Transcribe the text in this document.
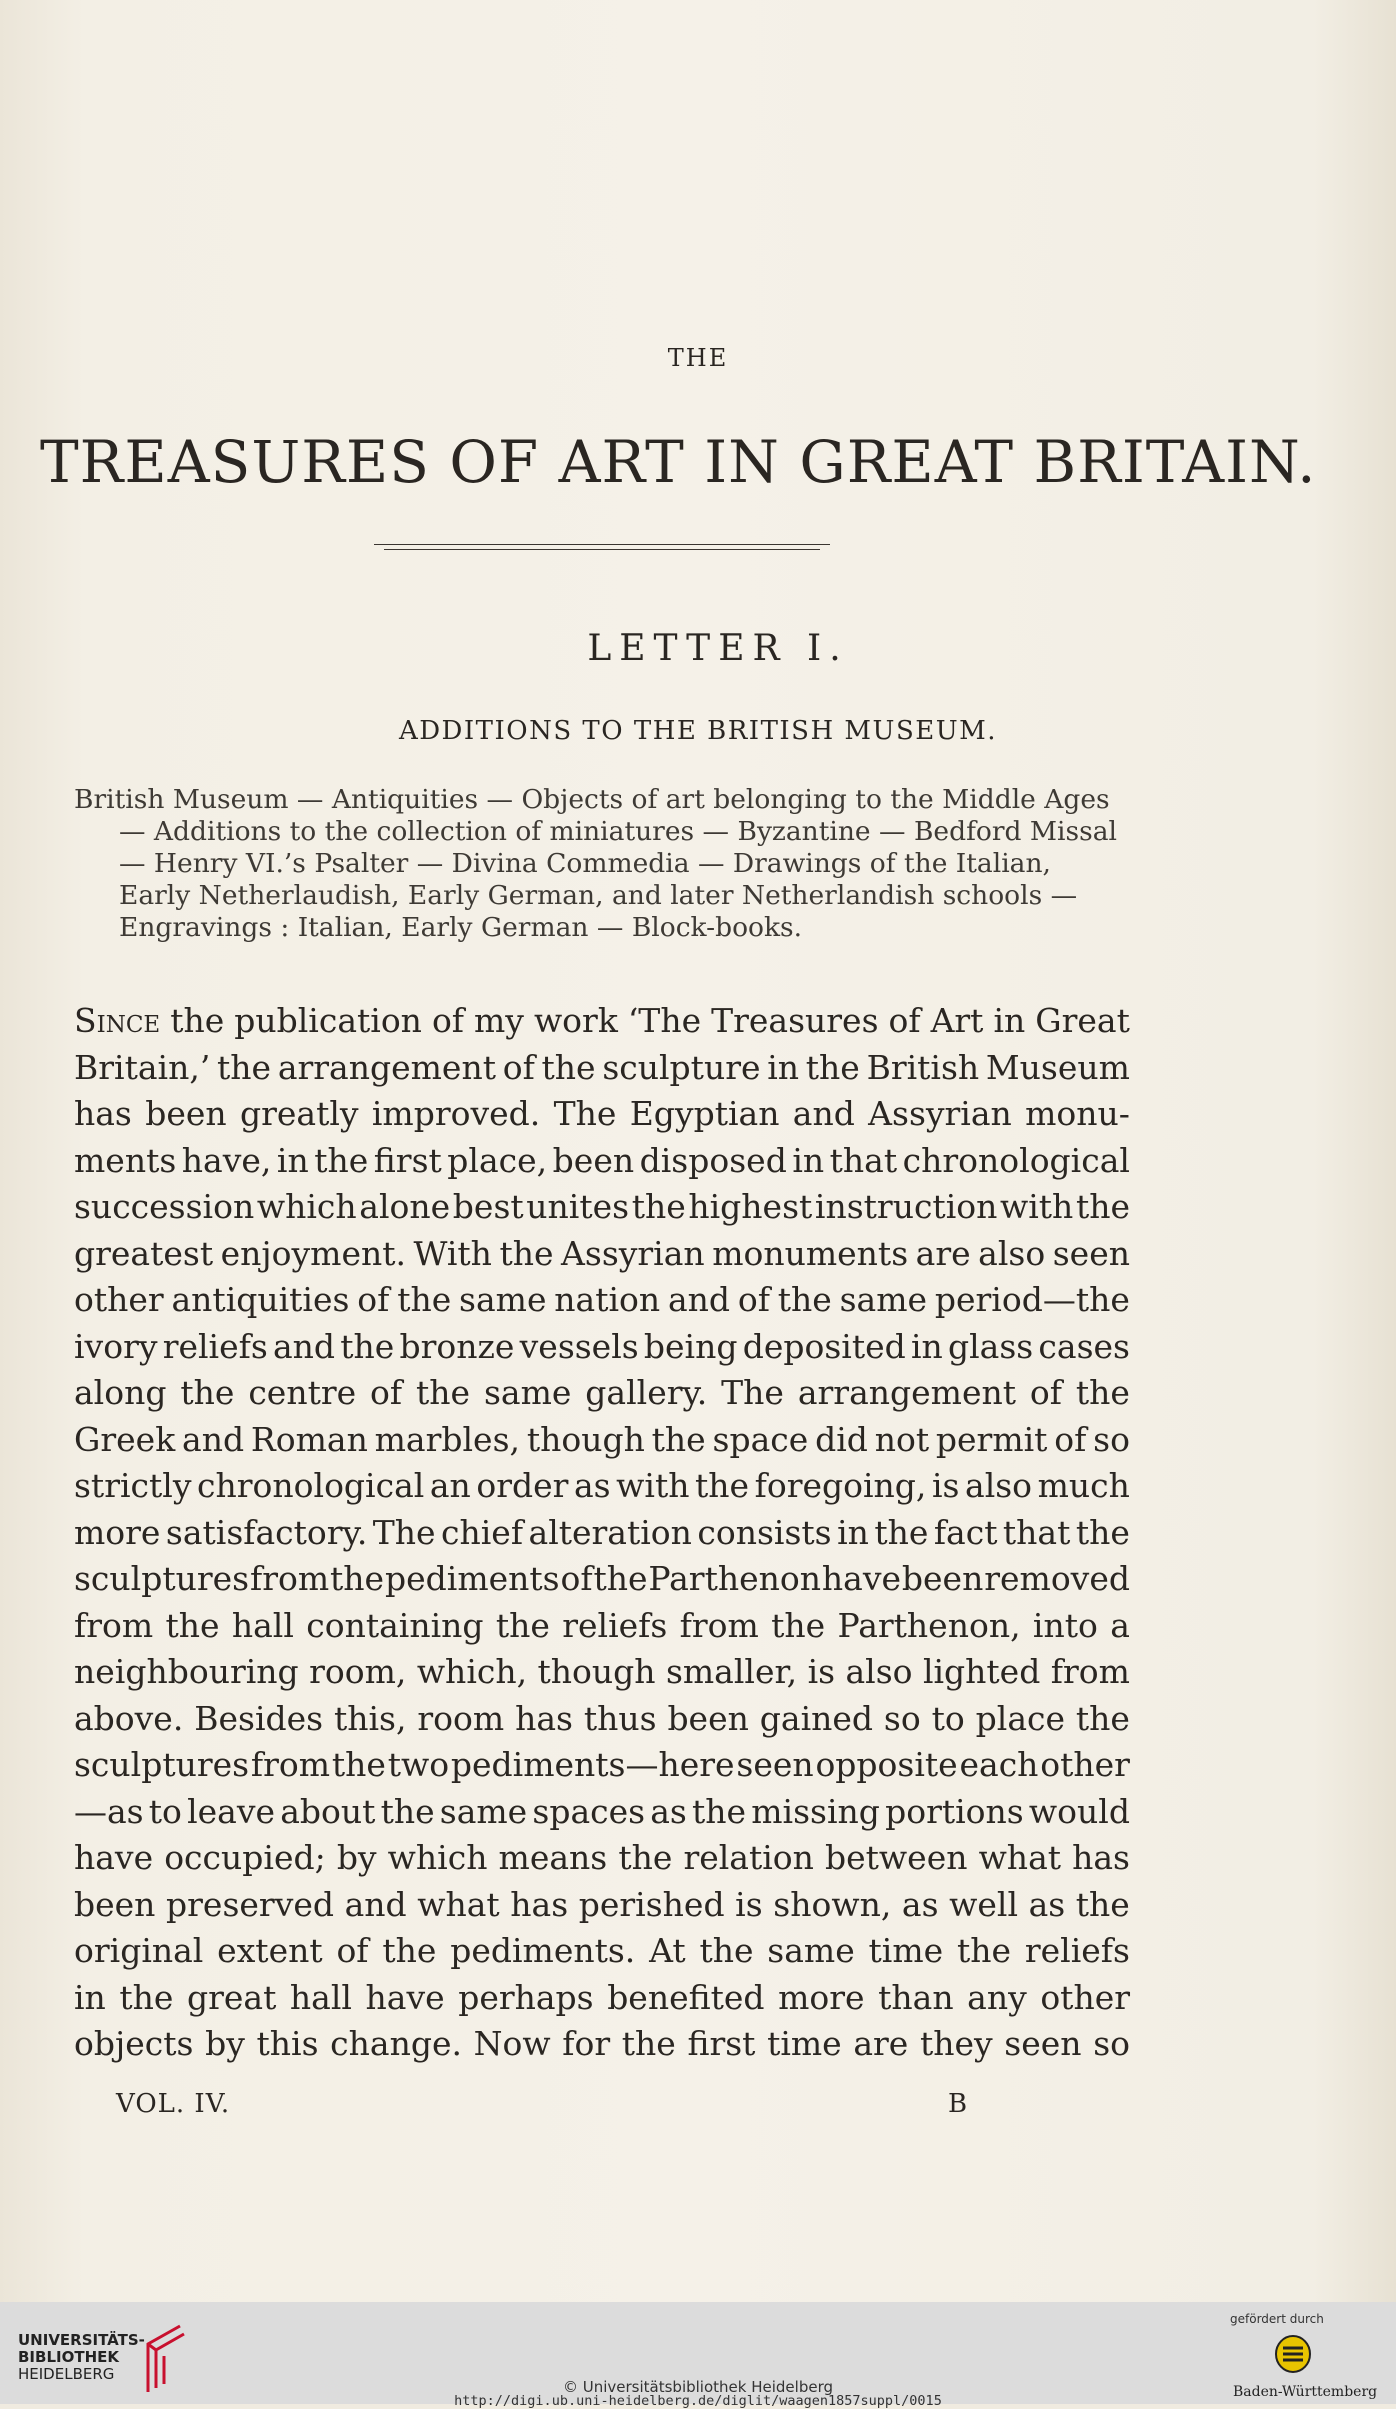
THE
TREASURES OF ART IN GREAT BRITAIN.
LETTER I.
ADDITIONS TO THE BRITISH MUSEUM.
British Museum — Antiquities — Objects of art belonging to the Middle Ages
— Additions to the collection of miniatures — Byzantine — Bedford Missal
— Henry VI.’s Psalter — Divina Commedia — Drawings of the Italian,
Early Netherlaudish, Early German, and later Netherlandish schools —
Engravings : Italian, Early German — Block-books.
Since the publication of my work ‘The Treasures of Art in Great
Britain,’ the arrangement of the sculpture in the British Museum
has been greatly improved. The Egyptian and Assyrian monu-
ments have, in the first place, been disposed in that chronological
succession which alone best unites the highest instruction with the
greatest enjoyment. With the Assyrian monuments are also seen
other antiquities of the same nation and of the same period—the
ivory reliefs and the bronze vessels being deposited in glass cases
along the centre of the same gallery. The arrangement of the
Greek and Roman marbles, though the space did not permit of so
strictly chronological an order as with the foregoing, is also much
more satisfactory. The chief alteration consists in the fact that the
sculptures from the pediments of the Parthenon have been removed
from the hall containing the reliefs from the Parthenon, into a
neighbouring room, which, though smaller, is also lighted from
above. Besides this, room has thus been gained so to place the
sculptures from the two pediments—here seen opposite each other
—as to leave about the same spaces as the missing portions would
have occupied; by which means the relation between what has
been preserved and what has perished is shown, as well as the
original extent of the pediments. At the same time the reliefs
in the great hall have perhaps benefited more than any other
objects by this change. Now for the first time are they seen so
VOL. IV.	B
UNIVERSITÄTS-
BIBLIOTHEK
HEIDELBERG
© Universitätsbibliothek Heidelberg
http://digi.ub.uni-heidelberg.de/diglit/waagen1857suppl/0015
gefördert durch
Baden-Württemberg
